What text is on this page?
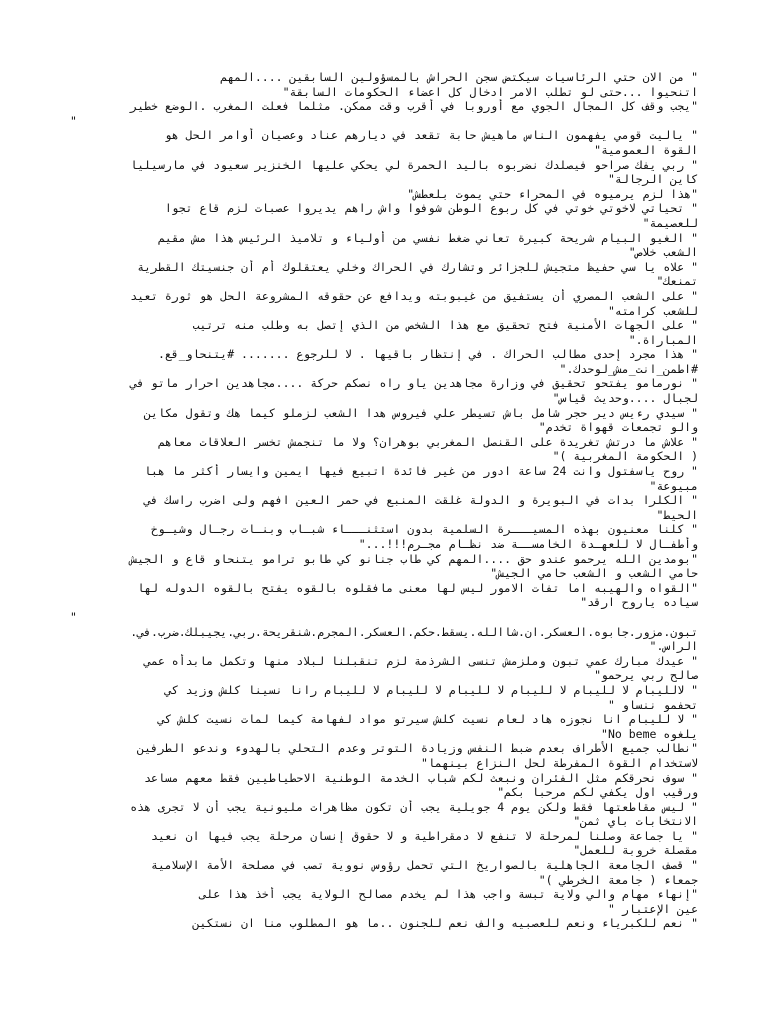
" من الان حتي الرئاسيات سيكتض سجن الحراش بالمسؤولين السابقين ....المهم
اتنحيوا ...حتى لو تطلب الامر ادخال كل اعضاء الحكومات السابقة"
"يجب وقف كل المجال الجوي مع أوروبا في أقرب وقت ممكن. مثلما فعلت المغرب .الوضع خطير
"
" ياليت قومي يفهمون الناس ماهيش حابة تقعد في ديارهم عناد وعصيان أوامر الحل هو
القوة العمومية"
" ربي يفك صراحو فيصلدك نضربوه باليد الحمرة لي يحكي عليها الخنزير سعيود في مارسيليا
كاين الرجالة"
"هذا لزم يرميوه في المحراء حتي يموت بلعطش"
" تحياتي لاخوتي خوتي في كل ربوع الوطن شوفوا واش راهم يديروا عصبات لزم قاع تجوا
للعصيمة"
" الغيو البيام شريحة كبيرة تعاني ضغط نفسي من أولياء و تلاميذ الرئيس هذا مش مقيم
الشعب خلاص"
" علاه يا سي حفيظ متجيش للجزائر وتشارك في الحراك وخلي يعتقلوك أم أن جنسيتك القطرية
تمنعك"
" على الشعب المصري أن يستفيق من غيبوبته ويدافع عن حقوقه المشروعة الحل هو ثورة تعيد
للشعب كرامته"
" على الجهات الأمنية فتح تحقيق مع هذا الشخص من الذي إتصل به وطلب منه ترتيب
المباراة."
" هذا مجرد إحدى مطالب الحراك . في إنتظار باقيها . لا للرجوع ....... #يتنحاو_قع.
#اطمن_انت_مش_لوحدك."
" نورمامو يفتحو تحقيق في وزارة مجاهدين ياو راه نصكم حركة ....مجاهدين احرار ماتو في
لجبال ....وحديث قياس"
" سيدي رءيس دير حجر شامل باش تسيطر علي فيروس هدا الشعب لزملو كيما هك وتقول مكاين
والو تجمعات قهواة تخدم"
" علاش ما درتش تغريدة على القنصل المغربي بوهران؟ ولا ما تنجمش تخسر العلاقات معاهم
( الحكومة المغربية )"
" روح ياسفتول وانت 24 ساعة ادور من غير فائدة اتبيع فيها ايمين وايسار أكثر ما هبا
مبيوعة"
" الكلرا بدات في البويرة و الدولة غلقت المنبع في حمر العين افهم ولى اضرب راسك في
الحيط"
" كلنا معنيون بهذه المسيـــرة السلمية بدون استثنـــاء شبـاب وبنـات رجـال وشيـوخ
وأطفـال لا للعهـدة الخامســة ضد نظـام مجـرم!!!..."
"بومدين الله يرحمو عندو حق ....المهم كي طاب جنانو كي طابو ترامو يتنحاو قاع و الجيش
حامي الشعب و الشعب حامي الجيش"
"القواه والهيبه اما تفات الامور ليس لها معنى مافقلوه بالقوه يفتح بالقوه الدوله لها
سياده ياروح ارقد"
"
تبون.مزور.جابوه.العسكر.ان.شاالله.يسقط.حكم.العسكر.المجرم.شنقريحة.ربي.يجيبلك.ضرب.في.
الراس."
" عيدك مبارك عمي تبون وملزمش تنسى الشرذمة لزم تنقبلنا لبلاد منها وتكمل مابدأه عمي
صالح ربي يرحمو"
" لالليبام لا لليبام لا لليبام لا لليبام لا لليبام لا لليبام رانا نسينا كلش وزيد كي
تحفمو ننساو "
" لا لليبام انا نجوزه هاد لعام نسيت كلش سيرتو مواد لفهامة كيما لمات نسيت كلش كي
يلغوه No beme"
"نطالب جميع الأطراف بعدم ضبط النفس وزيادة التوتر وعدم التحلي بالهدوء وندعو الطرفين
لاستخدام القوة المفرطة لحل النزاع بينهما"
" سوف نحرقكم مثل الفئران ونبعث لكم شباب الخدمة الوطنية الاحطياطيين فقط معهم مساعد
ورقيب اول يكفي لكم مرحبا بكم"
" ليس مقاطعتها فقط ولكن يوم 4 جويلية يجب أن تكون مظاهرات مليونية يجب أن لا تجرى هذه
الانتخابات باي ثمن"
" يا جماعة وصلنا لمرحلة لا تنفع لا دمقراطية و لا حقوق إنسان مرحلة يجب فيها ان نعيد
مقصلة خروبة للعمل"
" قصف الجامعة الجاهلية بالصواريخ التي تحمل رؤوس نووية تصب في مصلحة الأمة الإسلامية
جمعاء ( جامعة الخرطي )"
"إنهاء مهام والي ولاية تبسة واجب هذا لم يخدم مصالح الولاية يجب أخذ هذا على
عين الإعتبار "
" نعم للكبرياء ونعم للعصبيه والف نعم للجنون ..ما هو المطلوب منا ان نستكين
